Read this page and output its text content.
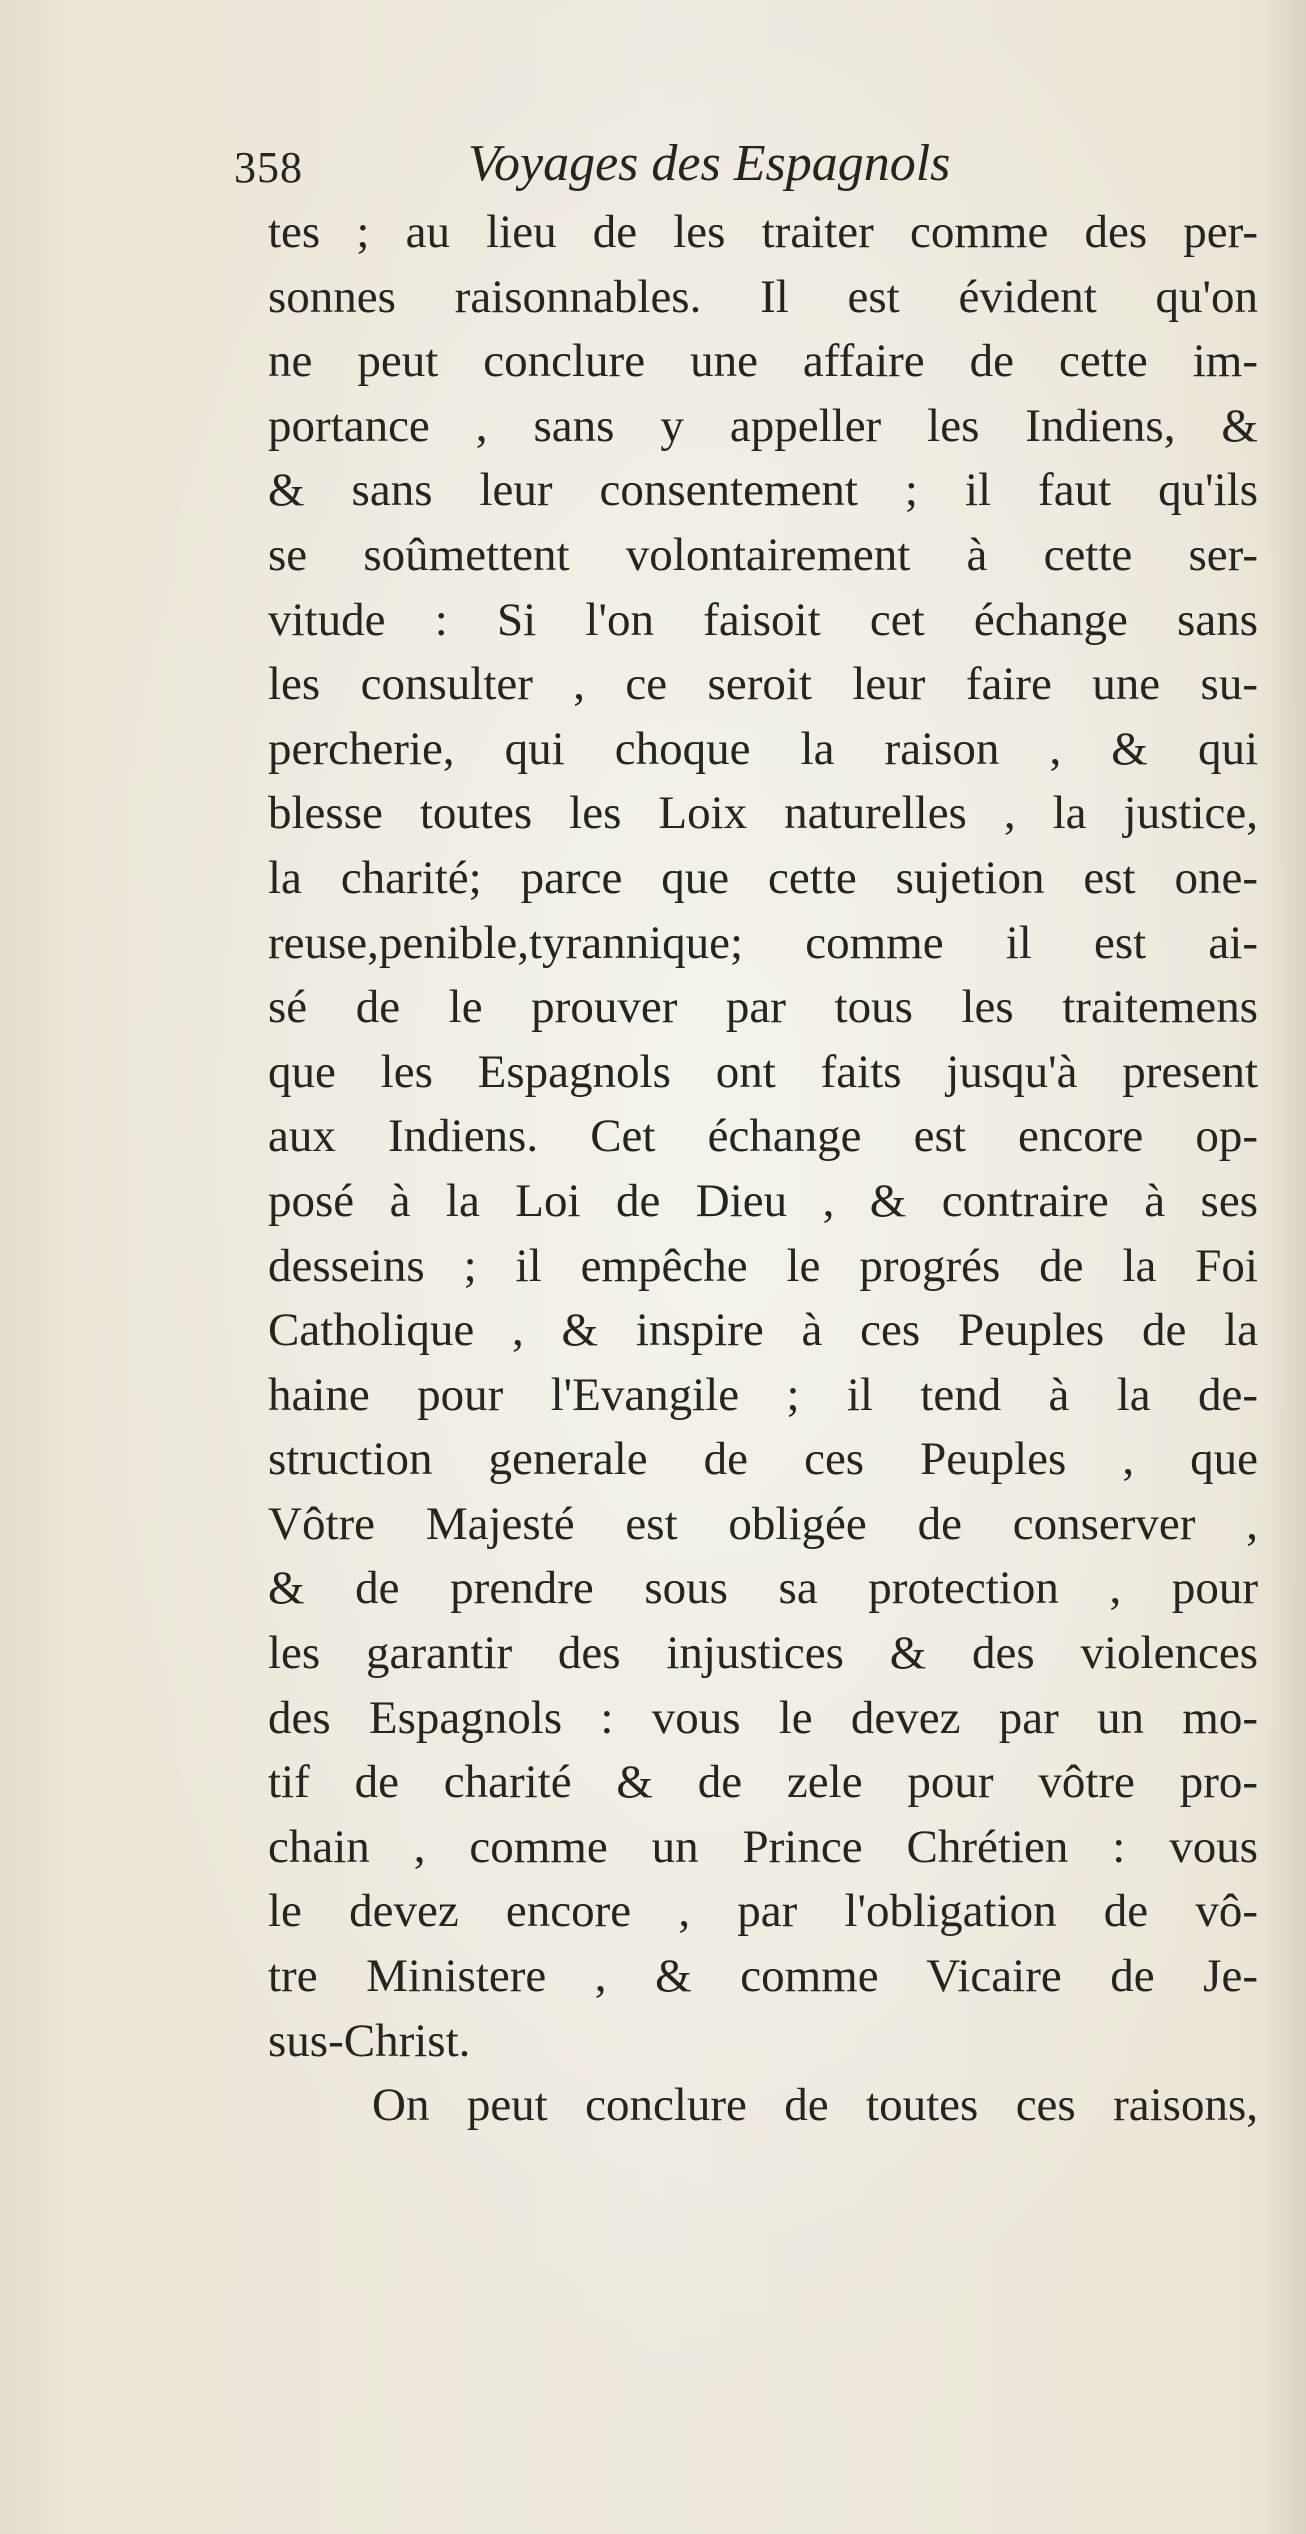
358	Voyages des Espagnols
tes ; au lieu de les traiter comme des per-
sonnes raisonnables. Il est évident qu'on
ne peut conclure une affaire de cette im-
portance , sans y appeller les Indiens, &
& sans leur consentement ; il faut qu'ils
se soûmettent volontairement à cette ser-
vitude : Si l'on faisoit cet échange sans
les consulter , ce seroit leur faire une su-
percherie, qui choque la raison , & qui
blesse toutes les Loix naturelles , la justice,
la charité; parce que cette sujetion est one-
reuse,penible,tyrannique; comme il est ai-
sé de le prouver par tous les traitemens
que les Espagnols ont faits jusqu'à present
aux Indiens. Cet échange est encore op-
posé à la Loi de Dieu , & contraire à ses
desseins ; il empêche le progrés de la Foi
Catholique , & inspire à ces Peuples de la
haine pour l'Evangile ; il tend à la de-
struction generale de ces Peuples , que
Vôtre Majesté est obligée de conserver ,
& de prendre sous sa protection , pour
les garantir des injustices & des violences
des Espagnols : vous le devez par un mo-
tif de charité & de zele pour vôtre pro-
chain , comme un Prince Chrétien : vous
le devez encore , par l'obligation de vô-
tre Ministere , & comme Vicaire de Je-
sus-Christ.
On peut conclure de toutes ces raisons,
